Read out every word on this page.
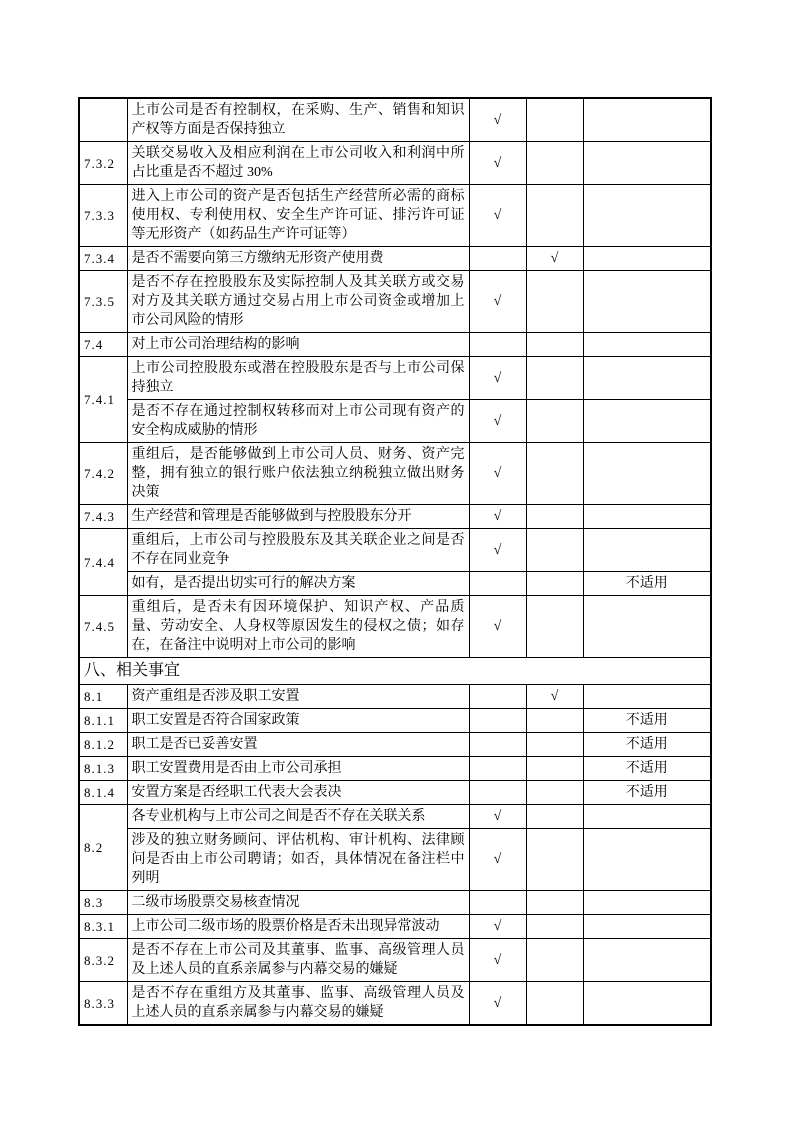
	上市公司是否有控制权，在采购、生产、销售和知识产权等方面是否保持独立	√		
7.3.2	关联交易收入及相应利润在上市公司收入和利润中所占比重是否不超过 30%	√		
7.3.3	进入上市公司的资产是否包括生产经营所必需的商标使用权、专利使用权、安全生产许可证、排污许可证等无形资产（如药品生产许可证等）	√		
7.3.4	是否不需要向第三方缴纳无形资产使用费		√	
7.3.5	是否不存在控股股东及实际控制人及其关联方或交易对方及其关联方通过交易占用上市公司资金或增加上市公司风险的情形	√		
7.4	对上市公司治理结构的影响			
7.4.1	上市公司控股股东或潜在控股股东是否与上市公司保持独立	√		
	是否不存在通过控制权转移而对上市公司现有资产的安全构成威胁的情形	√		
7.4.2	重组后，是否能够做到上市公司人员、财务、资产完整，拥有独立的银行账户依法独立纳税独立做出财务决策	√		
7.4.3	生产经营和管理是否能够做到与控股股东分开	√		
7.4.4	重组后，上市公司与控股股东及其关联企业之间是否不存在同业竞争	√		
	如有，是否提出切实可行的解决方案			不适用
7.4.5	重组后，是否未有因环境保护、知识产权、产品质量、劳动安全、人身权等原因发生的侵权之债；如存在，在备注中说明对上市公司的影响	√		
八、相关事宜				
8.1	资产重组是否涉及职工安置		√	
8.1.1	职工安置是否符合国家政策			不适用
8.1.2	职工是否已妥善安置			不适用
8.1.3	职工安置费用是否由上市公司承担			不适用
8.1.4	安置方案是否经职工代表大会表决			不适用
8.2	各专业机构与上市公司之间是否不存在关联关系	√		
	涉及的独立财务顾问、评估机构、审计机构、法律顾问是否由上市公司聘请；如否，具体情况在备注栏中列明	√		
8.3	二级市场股票交易核查情况			
8.3.1	上市公司二级市场的股票价格是否未出现异常波动	√		
8.3.2	是否不存在上市公司及其董事、监事、高级管理人员及上述人员的直系亲属参与内幕交易的嫌疑	√		
8.3.3	是否不存在重组方及其董事、监事、高级管理人员及上述人员的直系亲属参与内幕交易的嫌疑	√		
